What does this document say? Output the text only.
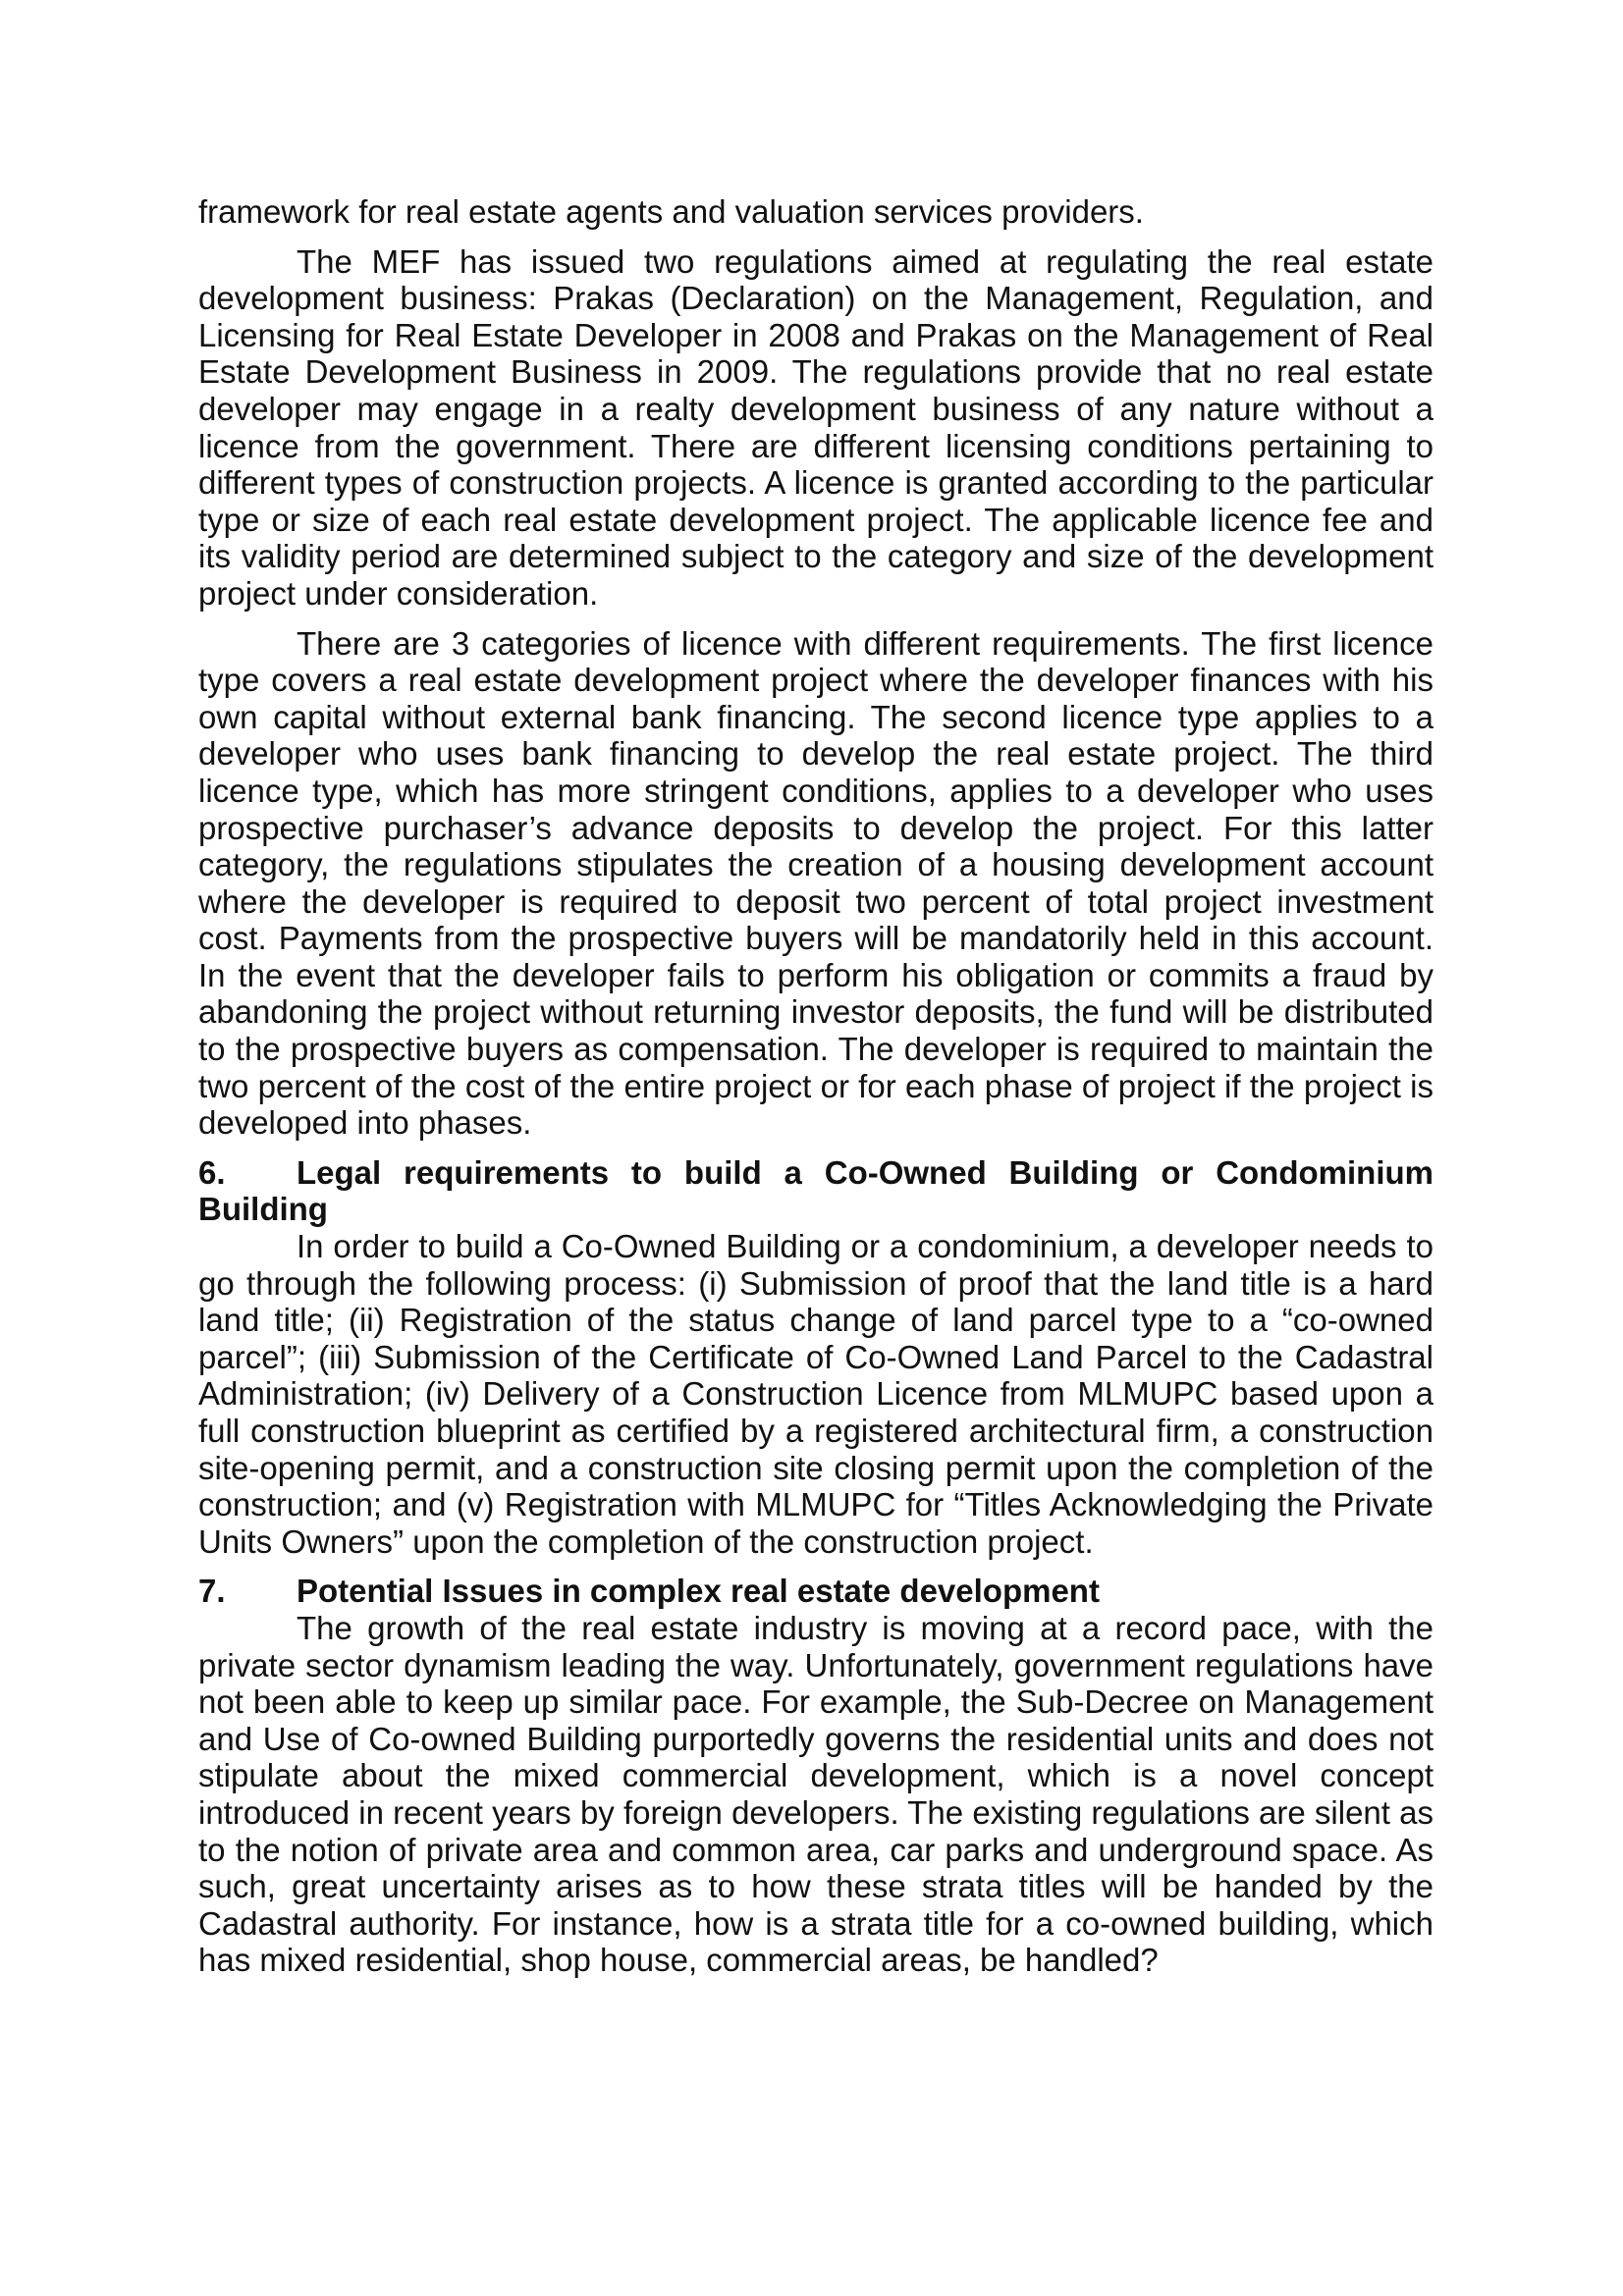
framework for real estate agents and valuation services providers.

The MEF has issued two regulations aimed at regulating the real estate development business: Prakas (Declaration) on the Management, Regulation, and Licensing for Real Estate Developer in 2008 and Prakas on the Management of Real Estate Development Business in 2009. The regulations provide that no real estate developer may engage in a realty development business of any nature without a licence from the government. There are different licensing conditions pertaining to different types of construction projects. A licence is granted according to the particular type or size of each real estate development project. The applicable licence fee and its validity period are determined subject to the category and size of the development project under consideration.

There are 3 categories of licence with different requirements. The first licence type covers a real estate development project where the developer finances with his own capital without external bank financing. The second licence type applies to a developer who uses bank financing to develop the real estate project. The third licence type, which has more stringent conditions, applies to a developer who uses prospective purchaser’s advance deposits to develop the project. For this latter category, the regulations stipulates the creation of a housing development account where the developer is required to deposit two percent of total project investment cost. Payments from the prospective buyers will be mandatorily held in this account. In the event that the developer fails to perform his obligation or commits a fraud by abandoning the project without returning investor deposits, the fund will be distributed to the prospective buyers as compensation. The developer is required to maintain the two percent of the cost of the entire project or for each phase of project if the project is developed into phases.

6. Legal requirements to build a Co-Owned Building or Condominium Building

In order to build a Co-Owned Building or a condominium, a developer needs to go through the following process: (i) Submission of proof that the land title is a hard land title; (ii) Registration of the status change of land parcel type to a “co-owned parcel”; (iii) Submission of the Certificate of Co-Owned Land Parcel to the Cadastral Administration; (iv) Delivery of a Construction Licence from MLMUPC based upon a full construction blueprint as certified by a registered architectural firm, a construction site-opening permit, and a construction site closing permit upon the completion of the construction; and (v) Registration with MLMUPC for “Titles Acknowledging the Private Units Owners” upon the completion of the construction project.

7. Potential Issues in complex real estate development

The growth of the real estate industry is moving at a record pace, with the private sector dynamism leading the way. Unfortunately, government regulations have not been able to keep up similar pace. For example, the Sub-Decree on Management and Use of Co-owned Building purportedly governs the residential units and does not stipulate about the mixed commercial development, which is a novel concept introduced in recent years by foreign developers. The existing regulations are silent as to the notion of private area and common area, car parks and underground space. As such, great uncertainty arises as to how these strata titles will be handed by the Cadastral authority. For instance, how is a strata title for a co-owned building, which has mixed residential, shop house, commercial areas, be handled?
